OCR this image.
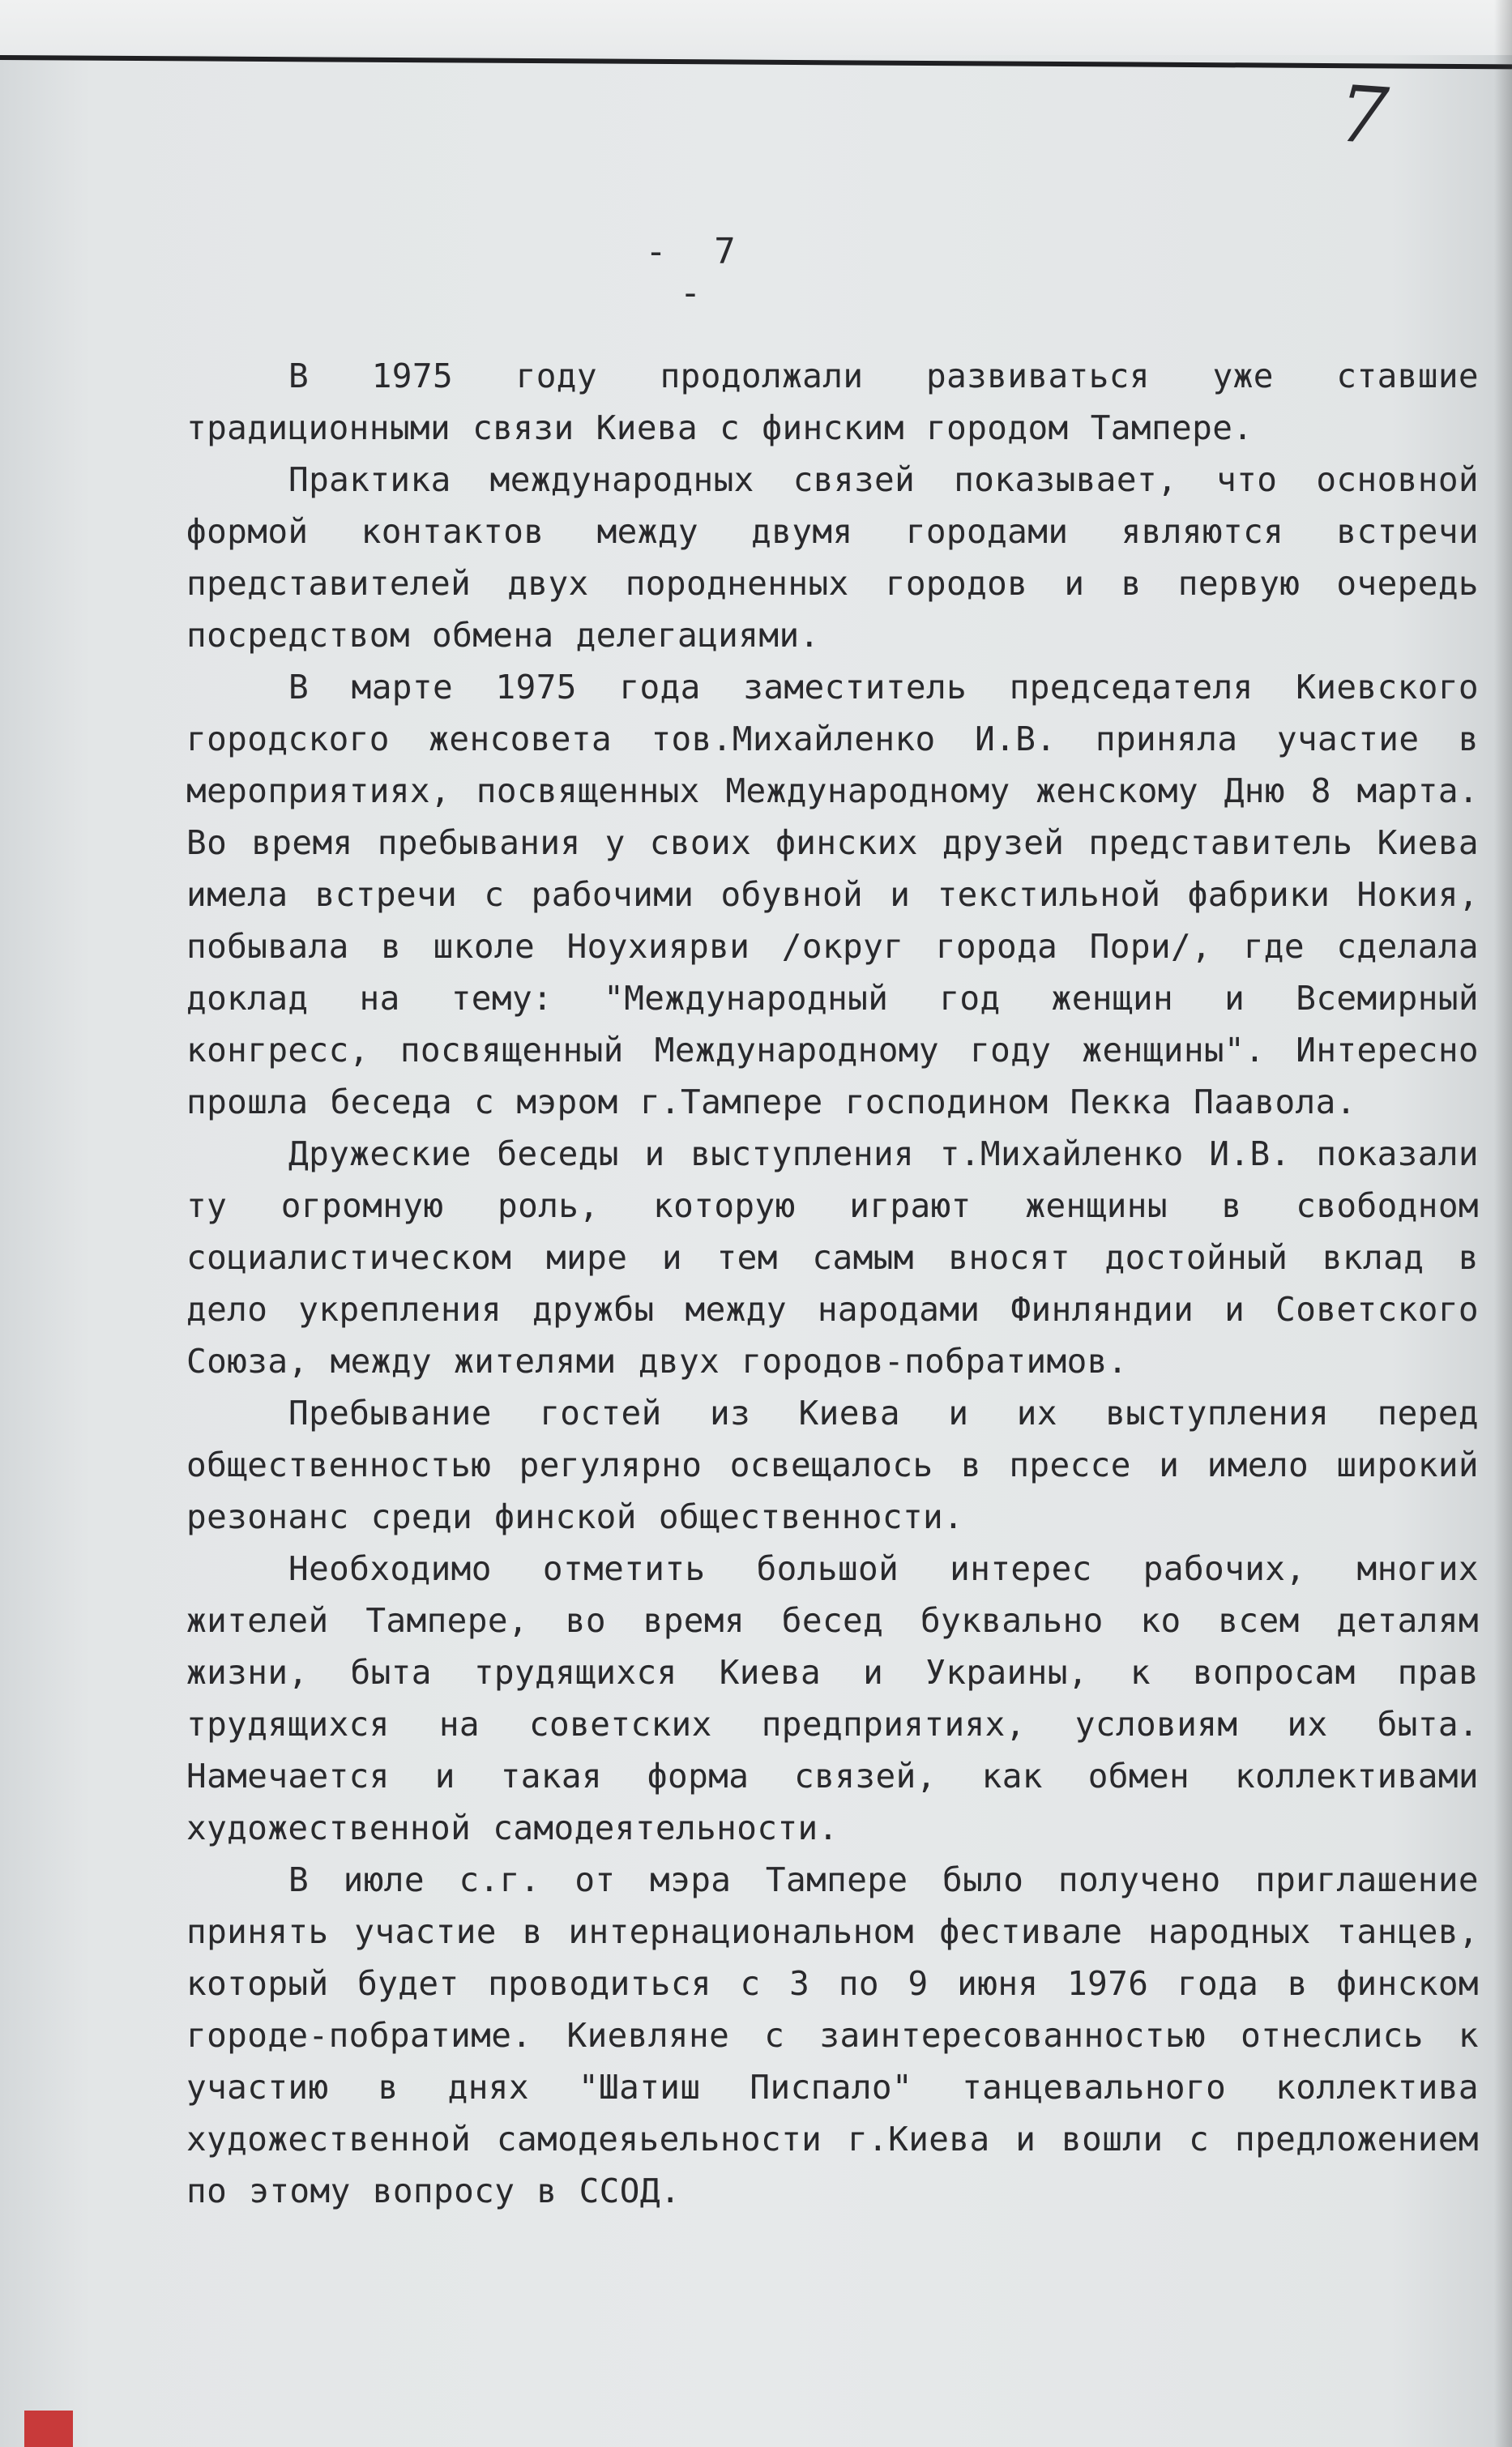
7
- 7 -

В 1975 году продолжали развиваться уже ставшие традиционными связи Киева с финским городом Тампере.

Практика международных связей показывает, что основной формой контактов между двумя городами являются встречи представителей двух породненных городов и в первую очередь посредством обмена делегациями.

В марте 1975 года заместитель председателя Киевского городского женсовета тов.Михайленко И.В. приняла участие в мероприятиях, посвященных Международному женскому Дню 8 марта. Во время пребывания у своих финских друзей представитель Киева имела встречи с рабочими обувной и текстильной фабрики Нокия, побывала в школе Ноухиярви /округ города Пори/, где сделала доклад на тему: "Международный год женщин и Всемирный конгресс, посвященный Международному году женщины". Интересно прошла беседа с мэром г.Тампере господином Пекка Паавола.

Дружеские беседы и выступления т.Михайленко И.В. показали ту огромную роль, которую играют женщины в свободном социалистическом мире и тем самым вносят достойный вклад в дело укрепления дружбы между народами Финляндии и Советского Союза, между жителями двух городов-побратимов.

Пребывание гостей из Киева и их выступления перед общественностью регулярно освещалось в прессе и имело широкий резонанс среди финской общественности.

Необходимо отметить большой интерес рабочих, многих жителей Тампере, во время бесед буквально ко всем деталям жизни, быта трудящихся Киева и Украины, к вопросам прав трудящихся на советских предприятиях, условиям их быта. Намечается и такая форма связей, как обмен коллективами художественной самодеятельности.

В июле с.г. от мэра Тампере было получено приглашение принять участие в интернациональном фестивале народных танцев, который будет проводиться с 3 по 9 июня 1976 года в финском городе-побратиме. Киевляне с заинтересованностью отнеслись к участию в днях "Шатиш Писпало" танцевального коллектива художественной самодеяьельности г.Киева и вошли с предложением по этому вопросу в ССОД.
